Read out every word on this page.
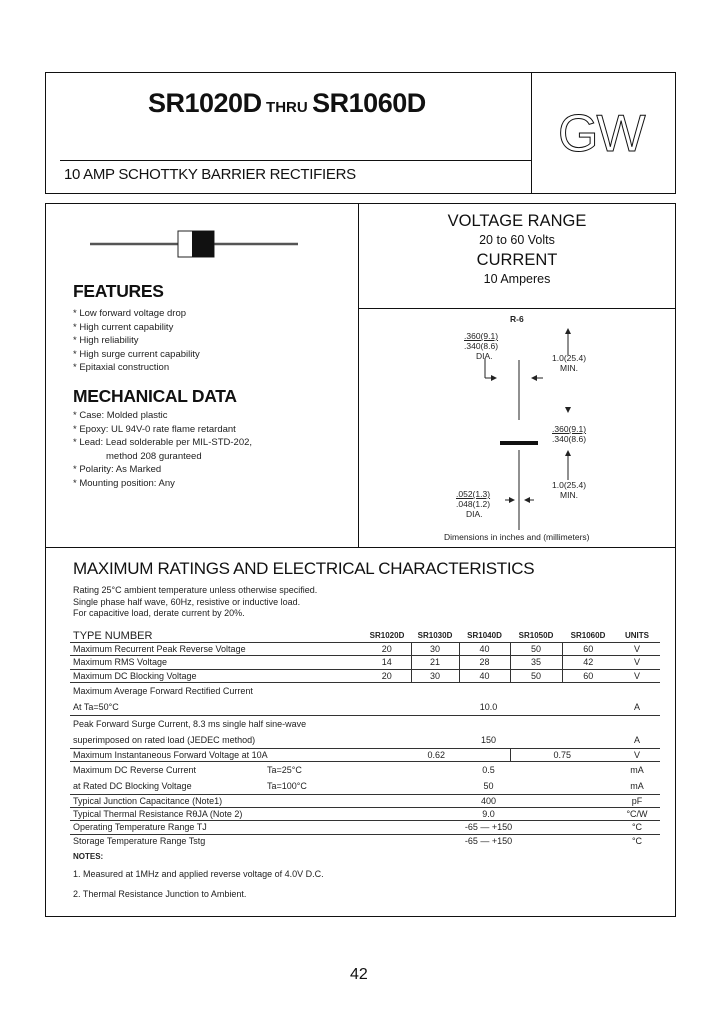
SR1020D THRU SR1060D
10 AMP SCHOTTKY BARRIER RECTIFIERS
GW
VOLTAGE RANGE
20 to 60 Volts
CURRENT
10 Amperes
FEATURES
* Low forward voltage drop
* High current capability
* High reliability
* High surge current capability
* Epitaxial construction
MECHANICAL DATA
* Case: Molded plastic
* Epoxy: UL 94V-0 rate flame retardant
* Lead: Lead solderable per MIL-STD-202,
method 208 guranteed
* Polarity: As Marked
* Mounting position: Any
R-6
.360(9.1)
.340(8.6)
DIA.	1.0(25.4)
MIN.
.360(9.1)
.340(8.6)
1.0(25.4)
MIN.
.052(1.3)
.048(1.2)
DIA.
Dimensions in inches and (millimeters)
MAXIMUM RATINGS AND ELECTRICAL CHARACTERISTICS
Rating 25°C ambient temperature unless otherwise specified.
Single phase half wave, 60Hz, resistive or inductive load.
For capacitive load, derate current by 20%.
TYPE NUMBER	SR1020D	SR1030D	SR1040D	SR1050D	SR1060D	UNITS
Maximum Recurrent Peak Reverse Voltage	20	30	40	50	60	V
Maximum RMS Voltage	14	21	28	35	42	V
Maximum DC Blocking Voltage	20	30	40	50	60	V
Maximum Average Forward Rectified Current						
At Ta=50°C	10.0					A
Peak Forward Surge Current, 8.3 ms single half sine-wave						
superimposed on rated load (JEDEC method)	150					A
Maximum Instantaneous Forward Voltage at 10A	0.62			0.75		V
Maximum DC Reverse Current Ta=25°C	0.5					mA
at Rated DC Blocking Voltage Ta=100°C	50					mA
Typical Junction Capacitance (Note1)	400					pF
Typical Thermal Resistance RθJA (Note 2)	9.0					°C/W
Operating Temperature Range TJ	-65 — +150					°C
Storage Temperature Range Tstg	-65 — +150					°C
NOTES:
1. Measured at 1MHz and applied reverse voltage of 4.0V D.C.
2. Thermal Resistance Junction to Ambient.
42
